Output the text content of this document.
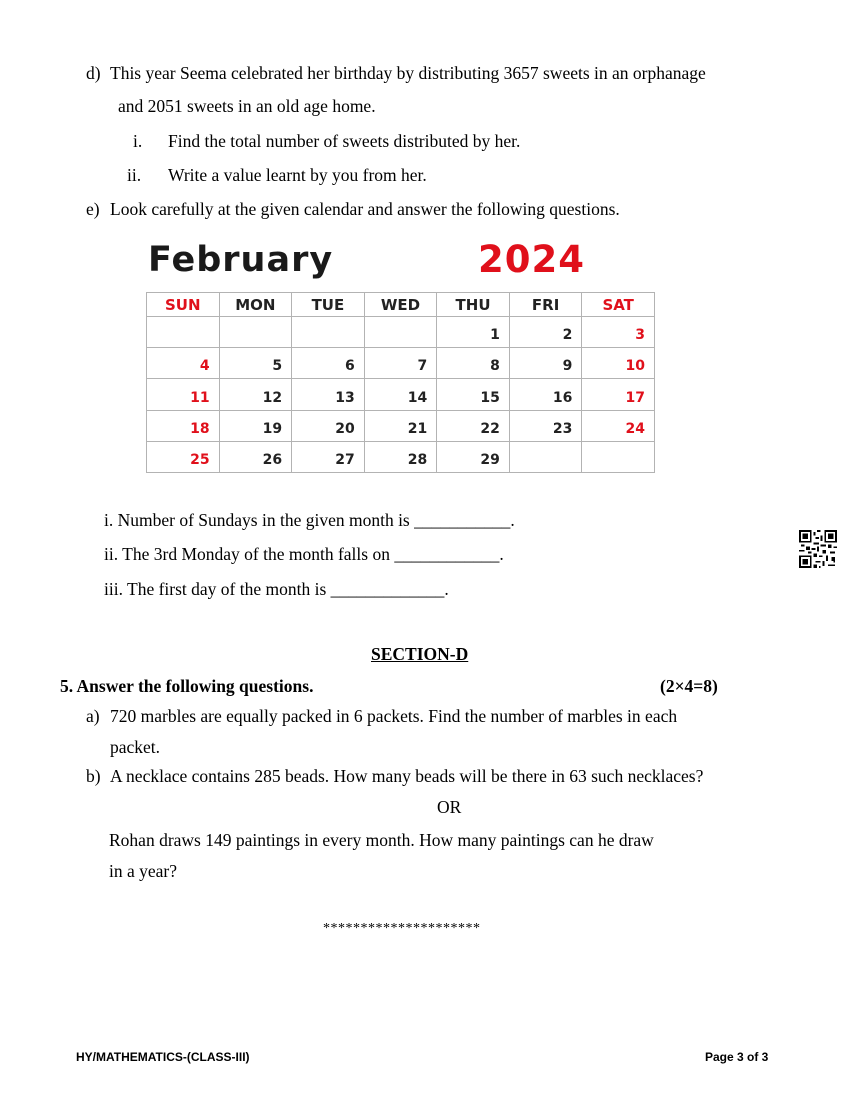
d) This year Seema celebrated her birthday by distributing 3657 sweets in an orphanage
and 2051 sweets in an old age home.
i. Find the total number of sweets distributed by her.
ii. Write a value learnt by you from her.
e) Look carefully at the given calendar and answer the following questions.
February	2024
SUN	MON	TUE	WED	THU	FRI	SAT
				1	2	3
4	5	6	7	8	9	10
11	12	13	14	15	16	17
18	19	20	21	22	23	24
25	26	27	28	29		
i. Number of Sundays in the given month is ___________.
ii. The 3rd Monday of the month falls on ____________.
iii. The first day of the month is _____________.
SECTION-D
5. Answer the following questions.	(2×4=8)
a) 720 marbles are equally packed in 6 packets. Find the number of marbles in each
packet.
b) A necklace contains 285 beads. How many beads will be there in 63 such necklaces?
OR
Rohan draws 149 paintings in every month. How many paintings can he draw
in a year?
*********************
HY/MATHEMATICS-(CLASS-III)	Page 3 of 3
